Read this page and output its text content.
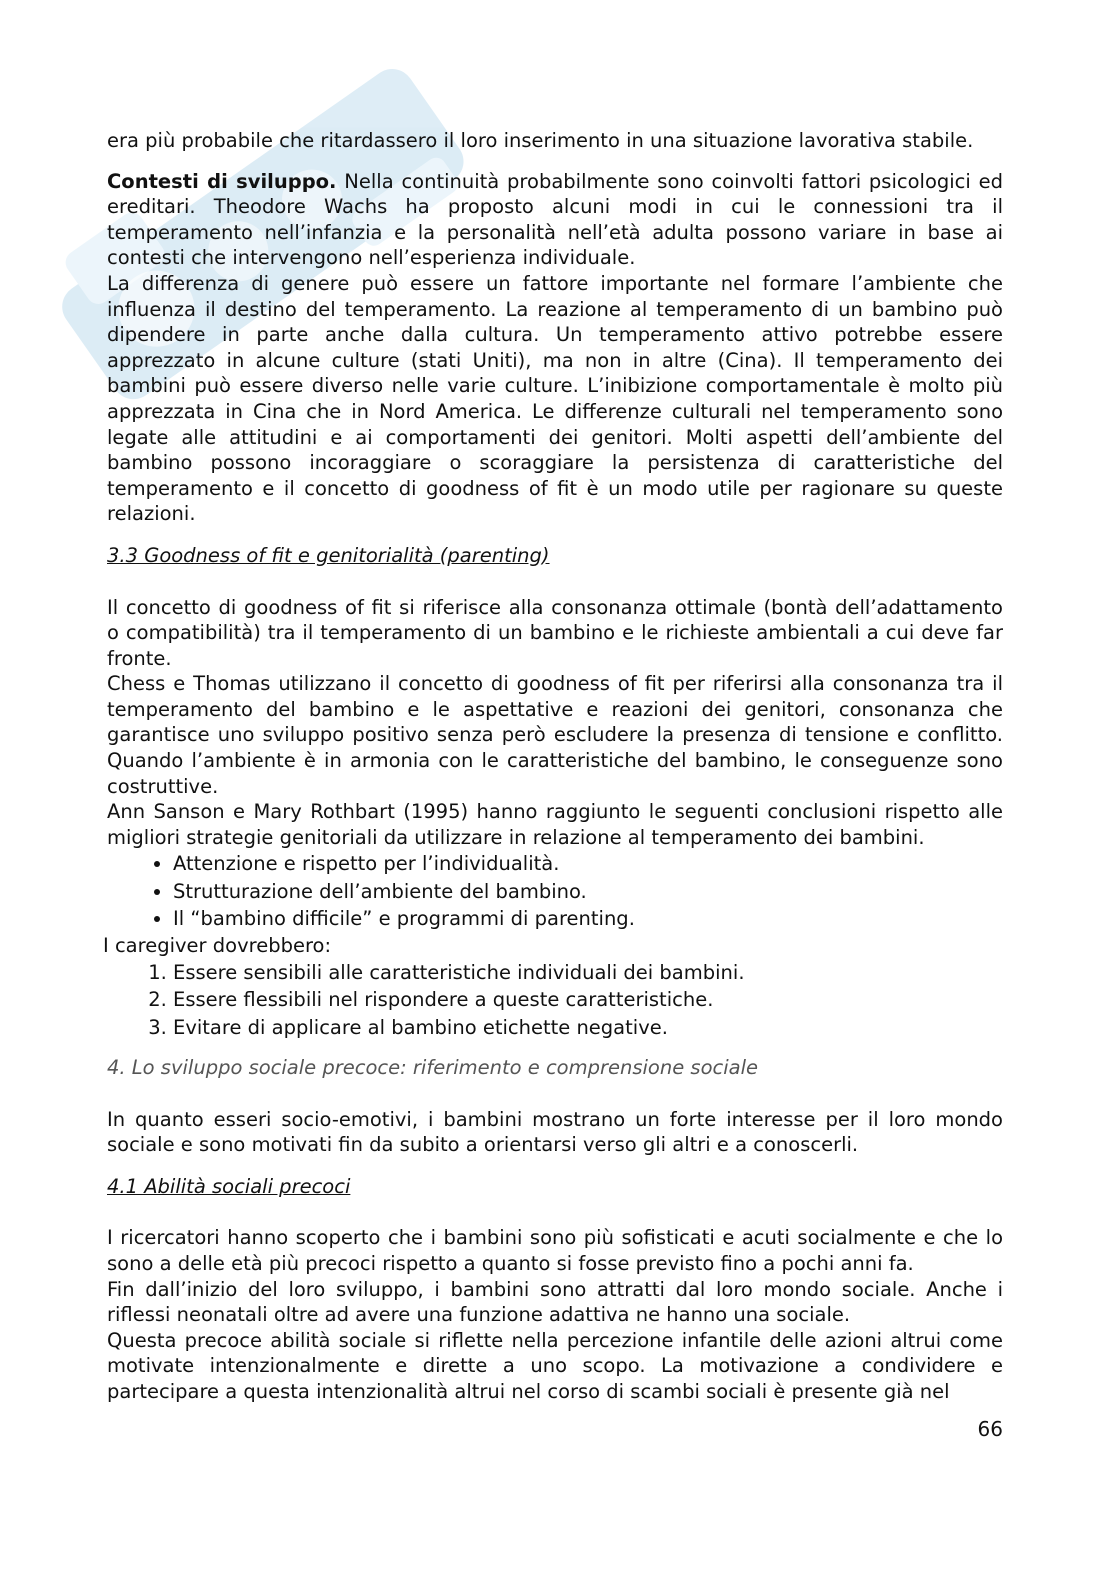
era più probabile che ritardassero il loro inserimento in una situazione lavorativa stabile.

Contesti di sviluppo. Nella continuità probabilmente sono coinvolti fattori psicologici ed ereditari. Theodore Wachs ha proposto alcuni modi in cui le connessioni tra il temperamento nell’infanzia e la personalità nell’età adulta possono variare in base ai contesti che intervengono nell’esperienza individuale.

La differenza di genere può essere un fattore importante nel formare l’ambiente che influenza il destino del temperamento. La reazione al temperamento di un bambino può dipendere in parte anche dalla cultura. Un temperamento attivo potrebbe essere apprezzato in alcune culture (stati Uniti), ma non in altre (Cina). Il temperamento dei bambini può essere diverso nelle varie culture. L’inibizione comportamentale è molto più apprezzata in Cina che in Nord America. Le differenze culturali nel temperamento sono legate alle attitudini e ai comportamenti dei genitori. Molti aspetti dell’ambiente del bambino possono incoraggiare o scoraggiare la persistenza di caratteristiche del temperamento e il concetto di goodness of fit è un modo utile per ragionare su queste relazioni.

3.3 Goodness of fit e genitorialità (parenting)

Il concetto di goodness of fit si riferisce alla consonanza ottimale (bontà dell’adattamento o compatibilità) tra il temperamento di un bambino e le richieste ambientali a cui deve far fronte.

Chess e Thomas utilizzano il concetto di goodness of fit per riferirsi alla consonanza tra il temperamento del bambino e le aspettative e reazioni dei genitori, consonanza che garantisce uno sviluppo positivo senza però escludere la presenza di tensione e conflitto. Quando l’ambiente è in armonia con le caratteristiche del bambino, le conseguenze sono costruttive.

Ann Sanson e Mary Rothbart (1995) hanno raggiunto le seguenti conclusioni rispetto alle migliori strategie genitoriali da utilizzare in relazione al temperamento dei bambini.

• Attenzione e rispetto per l’individualità.
• Strutturazione dell’ambiente del bambino.
• Il “bambino difficile” e programmi di parenting.

I caregiver dovrebbero:

1. Essere sensibili alle caratteristiche individuali dei bambini.
2. Essere flessibili nel rispondere a queste caratteristiche.
3. Evitare di applicare al bambino etichette negative.

4. Lo sviluppo sociale precoce: riferimento e comprensione sociale

In quanto esseri socio-emotivi, i bambini mostrano un forte interesse per il loro mondo sociale e sono motivati fin da subito a orientarsi verso gli altri e a conoscerli.

4.1 Abilità sociali precoci

I ricercatori hanno scoperto che i bambini sono più sofisticati e acuti socialmente e che lo sono a delle età più precoci rispetto a quanto si fosse previsto fino a pochi anni fa.

Fin dall’inizio del loro sviluppo, i bambini sono attratti dal loro mondo sociale. Anche i riflessi neonatali oltre ad avere una funzione adattiva ne hanno una sociale.

Questa precoce abilità sociale si riflette nella percezione infantile delle azioni altrui come motivate intenzionalmente e dirette a uno scopo. La motivazione a condividere e partecipare a questa intenzionalità altrui nel corso di scambi sociali è presente già nel

66
